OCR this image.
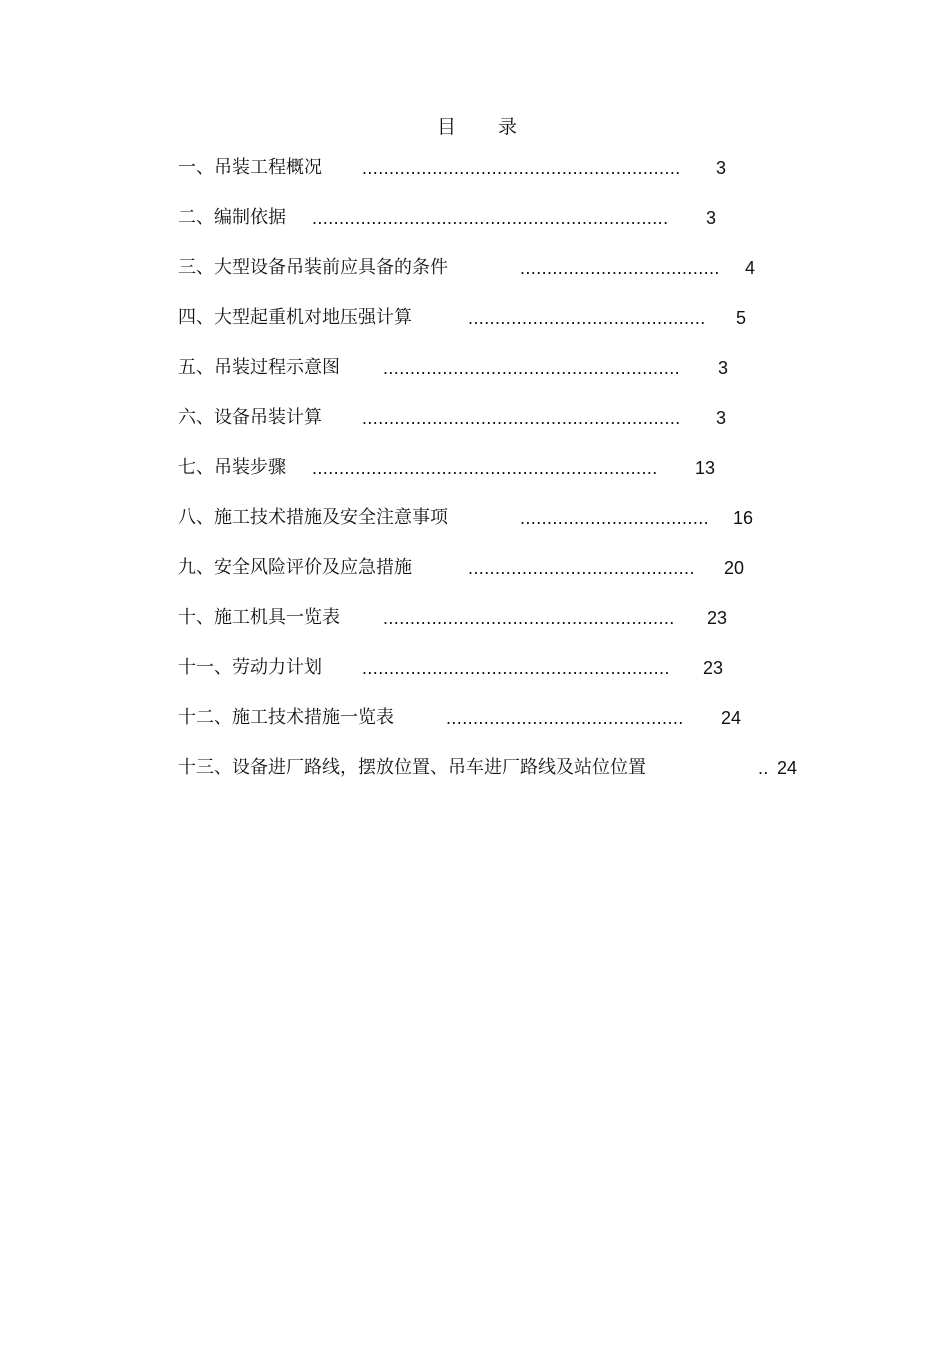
目录
一、吊装工程概况 ........................................................... 3
二、编制依据 .................................................................. 3
三、大型设备吊装前应具备的条件	..................................... 4
四、大型起重机对地压强计算	............................................ 5
五、吊装过程示意图 ....................................................... 3
六、设备吊装计算 ........................................................... 3
七、吊装步骤 ................................................................ 13
八、施工技术措施及安全注意事项	................................... 16
九、安全风险评价及应急措施	.......................................... 20
十、施工机具一览表 ...................................................... 23
十一、劳动力计划 ......................................................... 23
十二、施工技术措施一览表	............................................ 24
十三、设备进厂路线，摆放位置、吊车进厂路线及站位位置	.. 24
